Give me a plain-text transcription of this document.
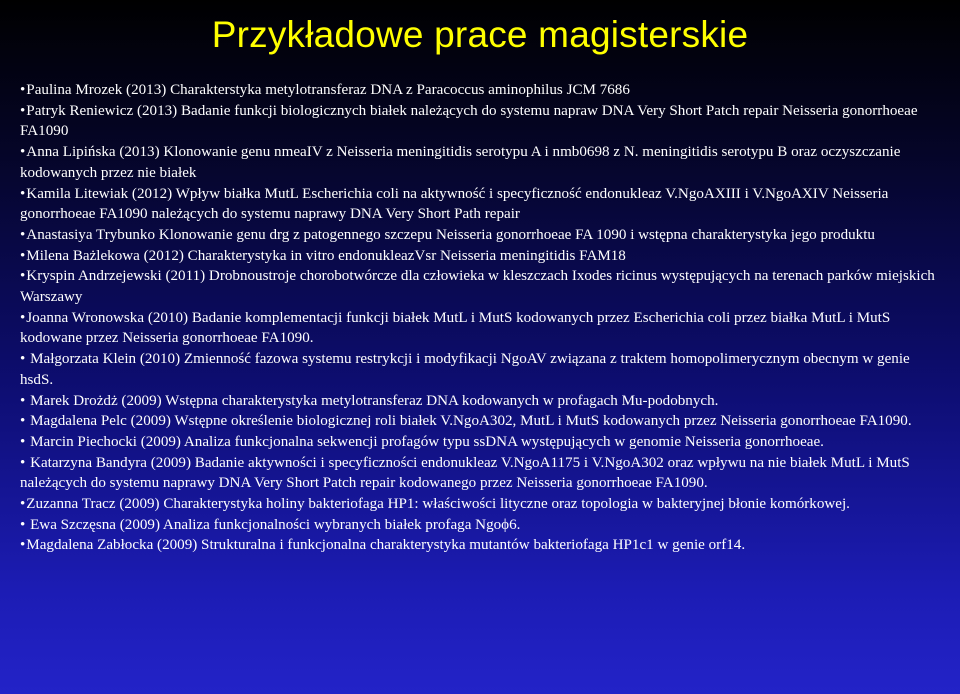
Przykładowe prace magisterskie
•Paulina Mrozek (2013) Charakterstyka metylotransferaz DNA z Paracoccus aminophilus JCM 7686
•Patryk Reniewicz (2013) Badanie funkcji biologicznych białek należących do systemu napraw DNA Very Short Patch repair Neisseria gonorrhoeae FA1090
•Anna Lipińska (2013) Klonowanie genu nmeaIV z Neisseria meningitidis serotypu A i nmb0698 z N. meningitidis serotypu B oraz oczyszczanie kodowanych przez nie białek
•Kamila Litewiak (2012) Wpływ białka MutL Escherichia coli na aktywność i specyficzność endonukleaz V.NgoAXIII i V.NgoAXIV Neisseria gonorrhoeae FA1090 należących do systemu naprawy DNA Very Short Path repair
•Anastasiya Trybunko Klonowanie genu drg z patogennego szczepu Neisseria gonorrhoeae FA 1090 i wstępna charakterystyka jego produktu
•Milena Bażlekowa (2012) Charakterystyka in vitro endonukleazVsr Neisseria meningitidis FAM18
•Kryspin Andrzejewski (2011) Drobnoustroje chorobotwórcze dla człowieka w kleszczach Ixodes ricinus występujących na terenach parków miejskich Warszawy
•Joanna Wronowska (2010) Badanie komplementacji funkcji białek MutL i MutS kodowanych przez Escherichia coli przez białka MutL i MutS kodowane przez Neisseria gonorrhoeae FA1090.
• Małgorzata Klein (2010) Zmienność fazowa systemu restrykcji i modyfikacji NgoAV związana z traktem homopolimerycznym obecnym w genie hsdS.
• Marek Drożdż (2009) Wstępna charakterystyka metylotransferaz DNA kodowanych w profagach Mu-podobnych.
• Magdalena Pelc (2009) Wstępne określenie biologicznej roli białek V.NgoA302, MutL i MutS kodowanych przez Neisseria gonorrhoeae FA1090.
• Marcin Piechocki (2009) Analiza funkcjonalna sekwencji profagów typu ssDNA występujących w genomie Neisseria gonorrhoeae.
• Katarzyna Bandyra (2009) Badanie aktywności i specyficzności endonukleaz V.NgoA1175 i V.NgoA302 oraz wpływu na nie białek MutL i MutS należących do systemu naprawy DNA Very Short Patch repair kodowanego przez Neisseria gonorrhoeae FA1090.
•Zuzanna Tracz (2009) Charakterystyka holiny bakteriofaga HP1: właściwości lityczne oraz topologia w bakteryjnej błonie komórkowej.
• Ewa Szczęsna (2009) Analiza funkcjonalności wybranych białek profaga Ngoϕ6.
•Magdalena Zabłocka (2009) Strukturalna i funkcjonalna charakterystyka mutantów bakteriofaga HP1c1 w genie orf14.
